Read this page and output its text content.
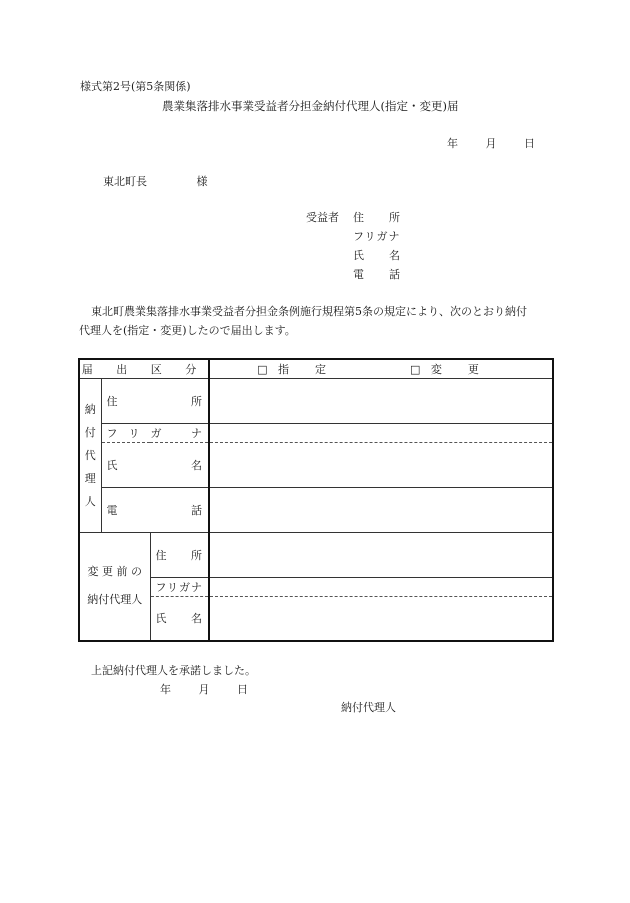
様式第2号(第5条関係)
農業集落排水事業受益者分担金納付代理人(指定・変更)届
年	月	日
東北町長	様
受益者 住 所
フリガナ
氏 名
電 話
東北町農業集落排水事業受益者分担金条例施行規程第5条の規定により、次のとおり納付
代理人を(指定・変更)したので届出します。
届 出 区 分			□ 指定 □ 変更

納
付
代
理
人	住 所		

	フ　リ　ガ ナ		

	氏 名		

	電 話		

変 更 前 の
納付代理人

住 所

		フリガナ	

		氏 名	

上記納付代理人を承諾しました。
年	月	日
納付代理人
